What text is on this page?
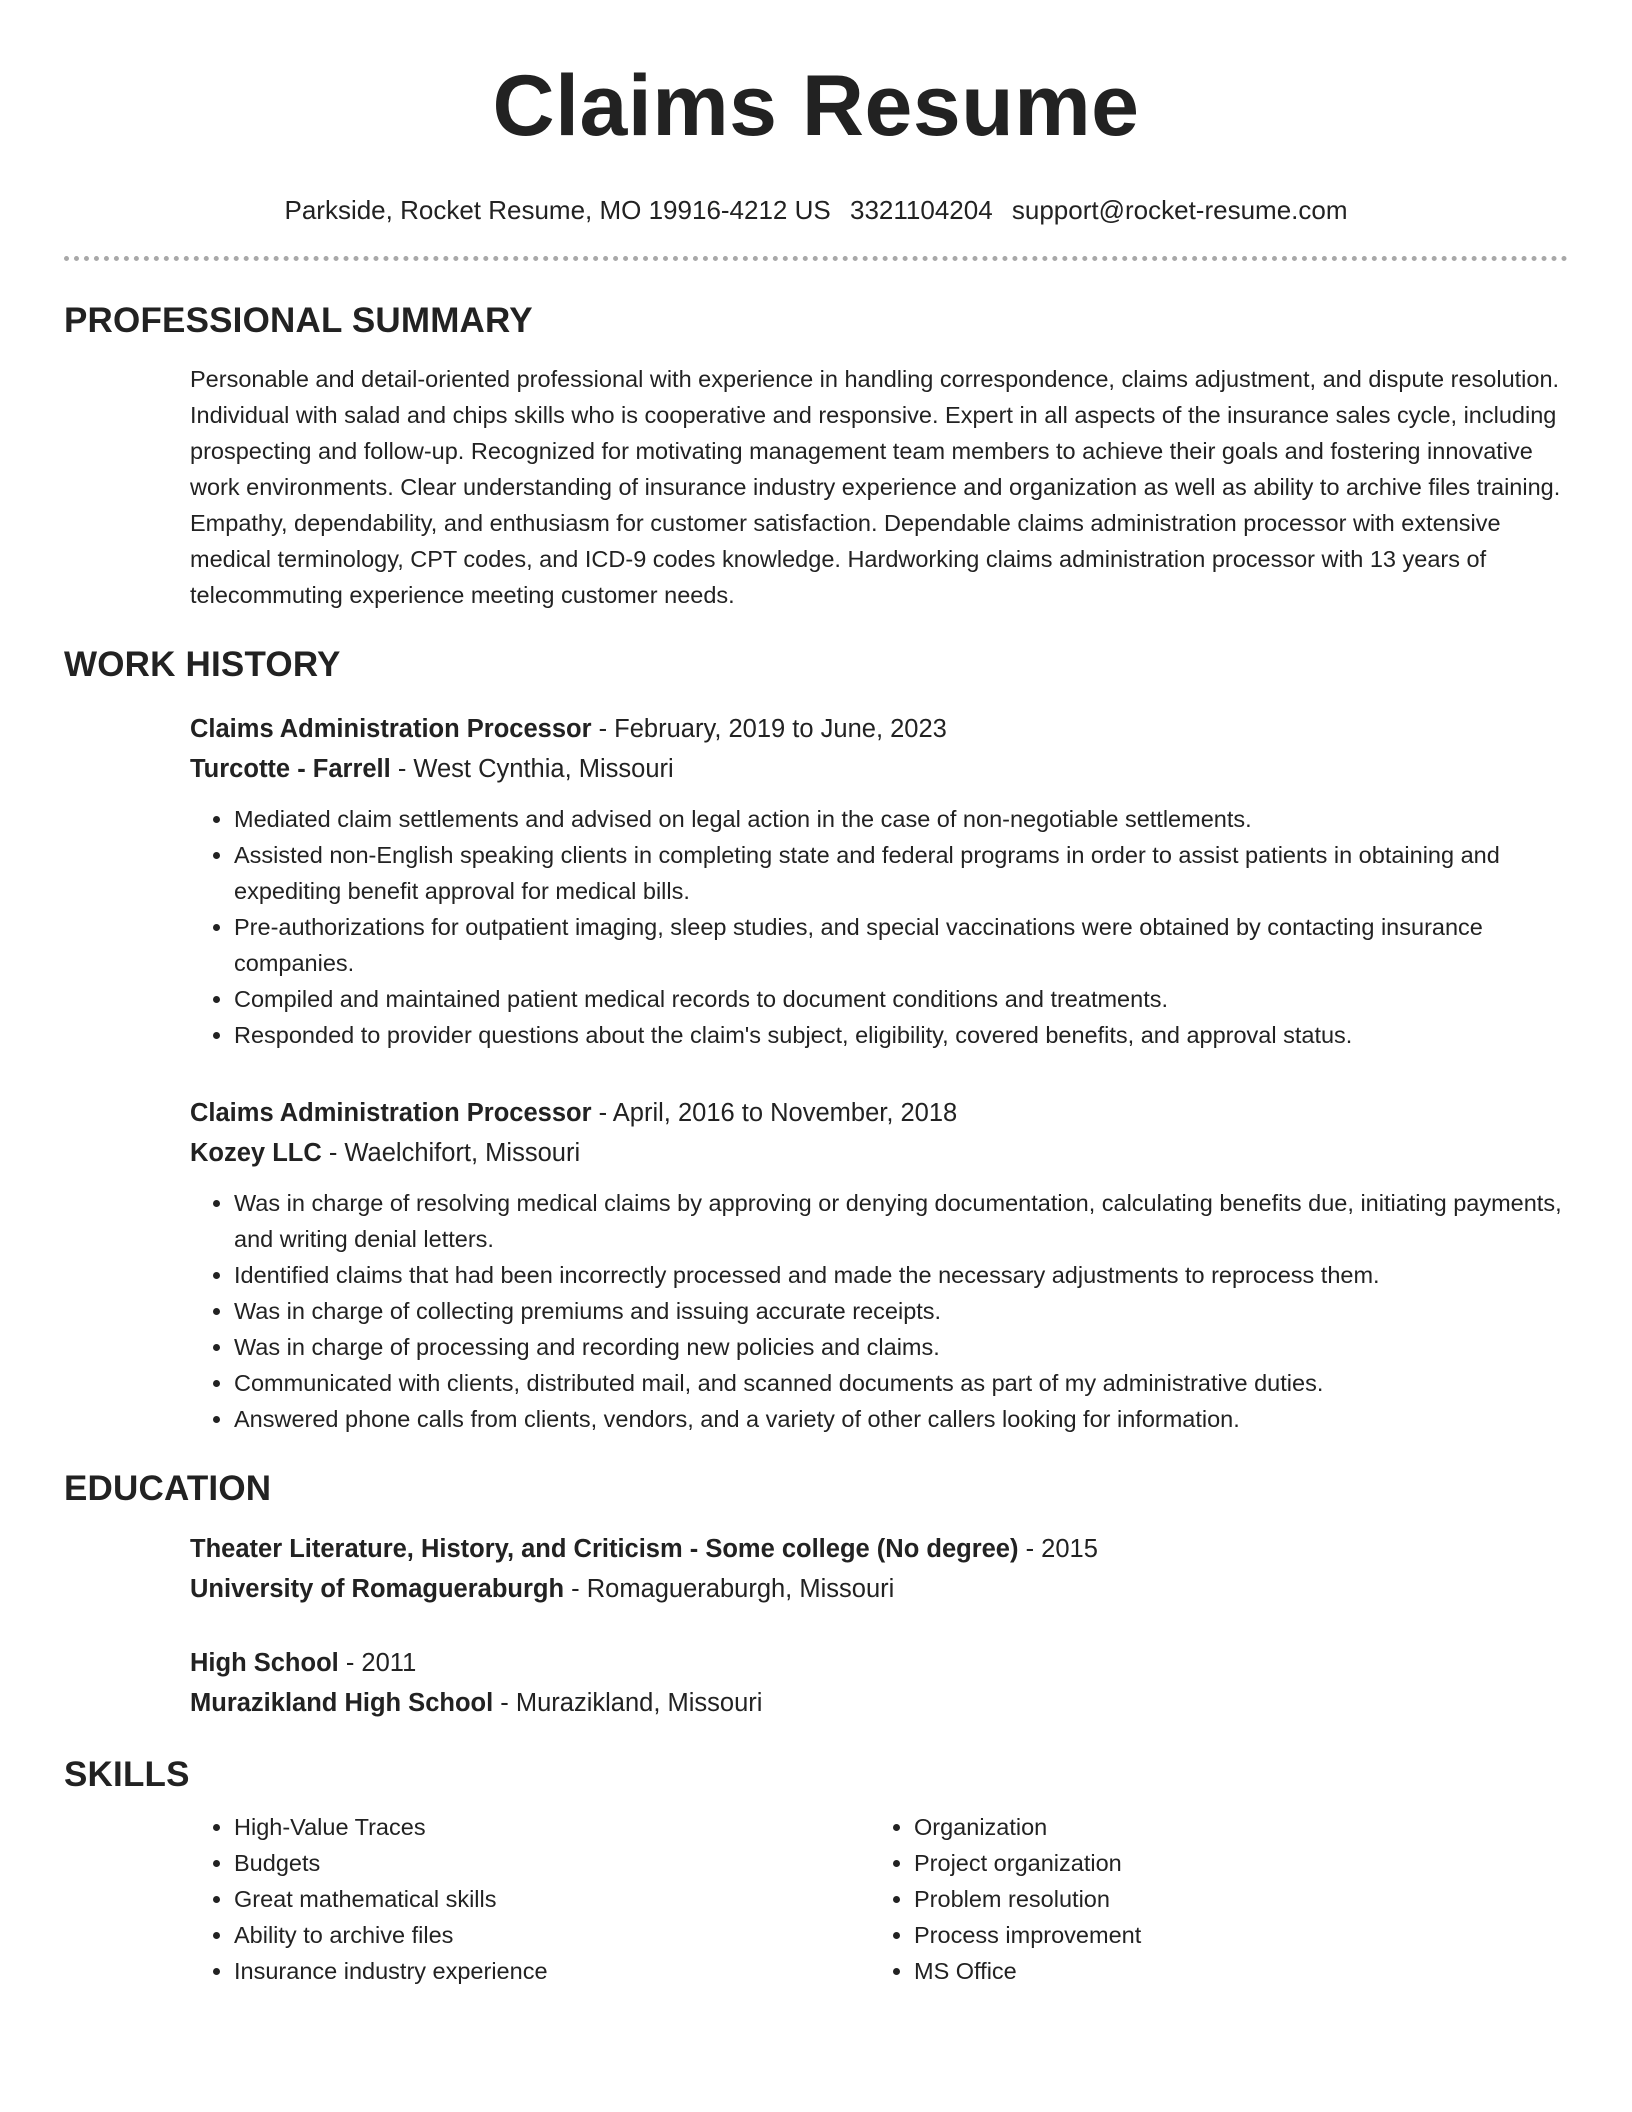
Claims Resume
Parkside, Rocket Resume, MO 19916-4212 US 3321104204 support@rocket-resume.com
PROFESSIONAL SUMMARY

Personable and detail-oriented professional with experience in handling correspondence, claims adjustment, and dispute resolution. Individual with salad and chips skills who is cooperative and responsive. Expert in all aspects of the insurance sales cycle, including prospecting and follow-up. Recognized for motivating management team members to achieve their goals and fostering innovative work environments. Clear understanding of insurance industry experience and organization as well as ability to archive files training. Empathy, dependability, and enthusiasm for customer satisfaction. Dependable claims administration processor with extensive medical terminology, CPT codes, and ICD-9 codes knowledge. Hardworking claims administration processor with 13 years of telecommuting experience meeting customer needs.

WORK HISTORY
Claims Administration Processor - February, 2019 to June, 2023
Turcotte - Farrell - West Cynthia, Missouri
• Mediated claim settlements and advised on legal action in the case of non-negotiable settlements.
• Assisted non-English speaking clients in completing state and federal programs in order to assist patients in obtaining and expediting benefit approval for medical bills.
• Pre-authorizations for outpatient imaging, sleep studies, and special vaccinations were obtained by contacting insurance companies.
• Compiled and maintained patient medical records to document conditions and treatments.
• Responded to provider questions about the claim's subject, eligibility, covered benefits, and approval status.
Claims Administration Processor - April, 2016 to November, 2018
Kozey LLC - Waelchifort, Missouri
• Was in charge of resolving medical claims by approving or denying documentation, calculating benefits due, initiating payments, and writing denial letters.
• Identified claims that had been incorrectly processed and made the necessary adjustments to reprocess them.
• Was in charge of collecting premiums and issuing accurate receipts.
• Was in charge of processing and recording new policies and claims.
• Communicated with clients, distributed mail, and scanned documents as part of my administrative duties.
• Answered phone calls from clients, vendors, and a variety of other callers looking for information.
EDUCATION
Theater Literature, History, and Criticism - Some college (No degree) - 2015
University of Romagueraburgh - Romagueraburgh, Missouri
High School - 2011
Murazikland High School - Murazikland, Missouri
SKILLS
• High-Value Traces
• Budgets
• Great mathematical skills
• Ability to archive files
• Insurance industry experience
• Organization
• Project organization
• Problem resolution
• Process improvement
• MS Office
